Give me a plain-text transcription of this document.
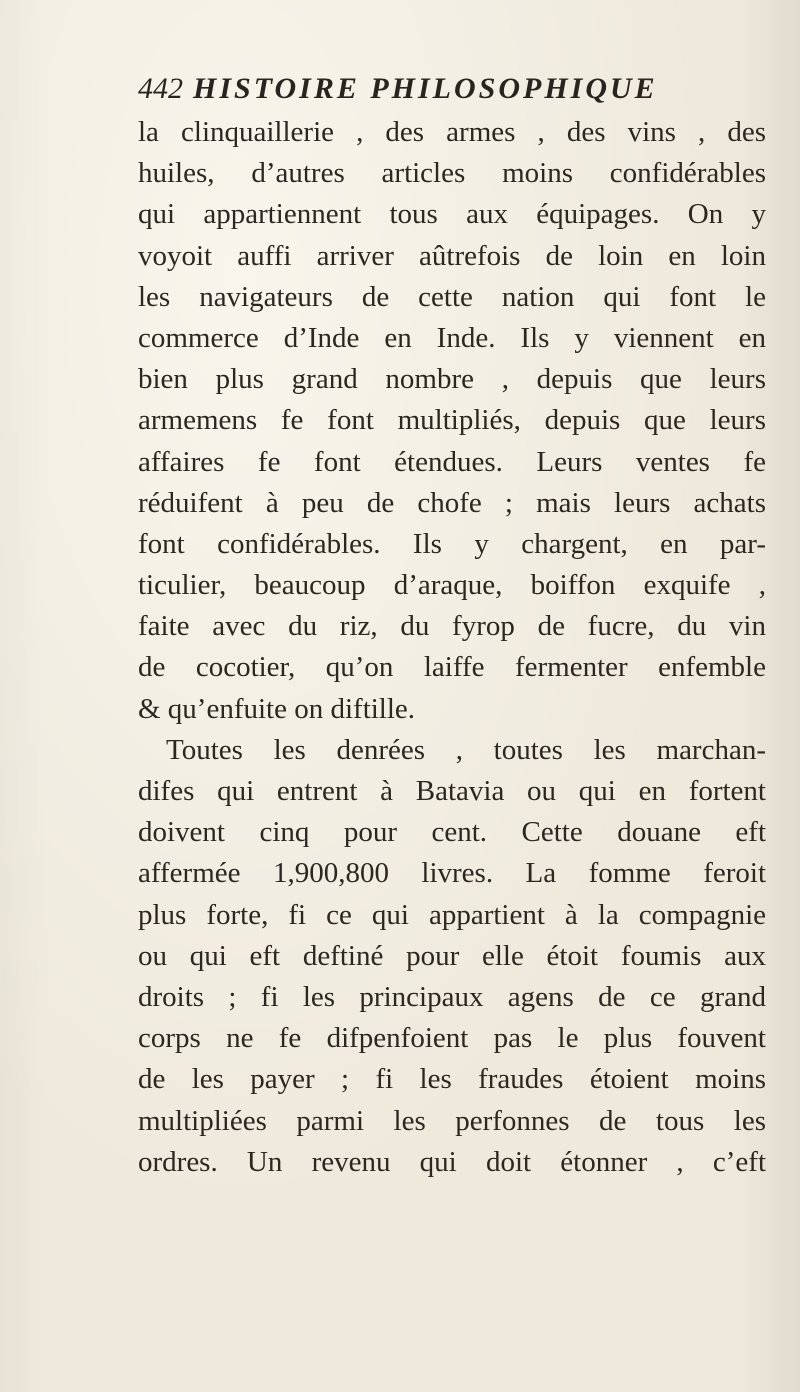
442 HISTOIRE PHILOSOPHIQUE
la clinquaillerie , des armes , des vins , des
huiles, d’autres articles moins confidérables
qui appartiennent tous aux équipages. On y
voyoit auffi arriver aûtrefois de loin en loin
les navigateurs de cette nation qui font le
commerce d’Inde en Inde. Ils y viennent en
bien plus grand nombre , depuis que leurs
armemens fe font multipliés, depuis que leurs
affaires fe font étendues. Leurs ventes fe
réduifent à peu de chofe ; mais leurs achats
font confidérables. Ils y chargent, en par-
ticulier, beaucoup d’araque, boiffon exquife ,
faite avec du riz, du fyrop de fucre, du vin
de cocotier, qu’on laiffe fermenter enfemble
& qu’enfuite on diftille.
Toutes les denrées , toutes les marchan-
difes qui entrent à Batavia ou qui en fortent
doivent cinq pour cent. Cette douane eft
affermée 1,900,800 livres. La fomme feroit
plus forte, fi ce qui appartient à la compagnie
ou qui eft deftiné pour elle étoit foumis aux
droits ; fi les principaux agens de ce grand
corps ne fe difpenfoient pas le plus fouvent
de les payer ; fi les fraudes étoient moins
multipliées parmi les perfonnes de tous les
ordres. Un revenu qui doit étonner , c’eft
